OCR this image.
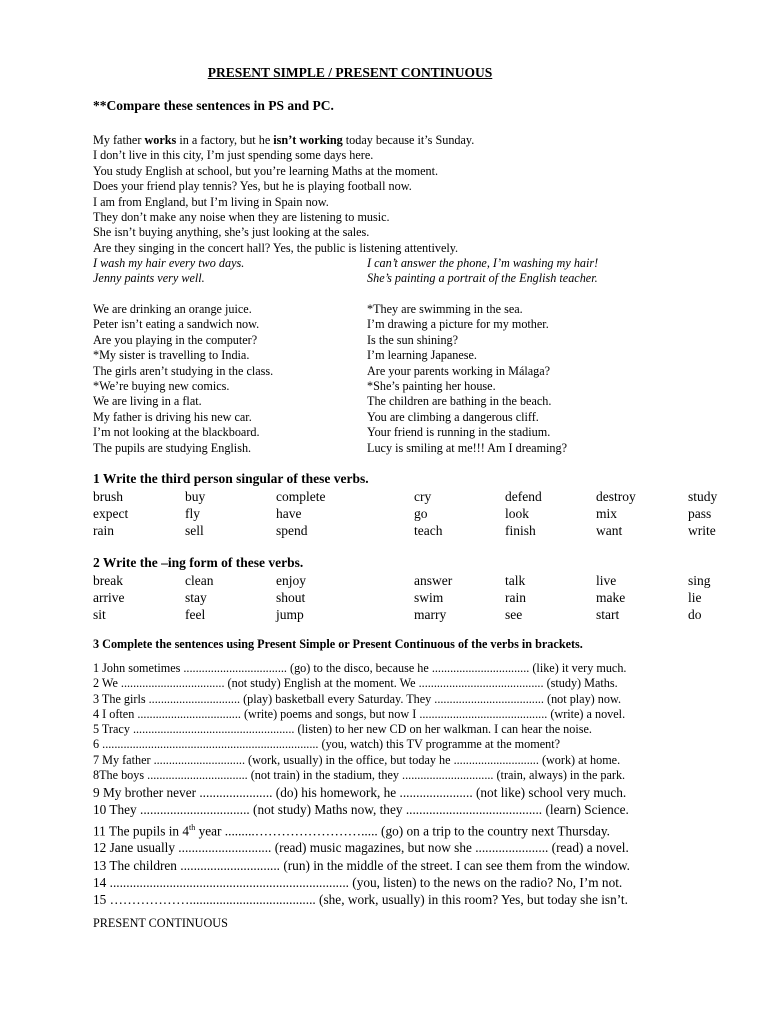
PRESENT SIMPLE / PRESENT CONTINUOUS
**Compare these sentences in PS and PC.
My father works in a factory, but he isn’t working today because it’s Sunday.
I don’t live in this city, I’m just spending some days here.
You study English at school, but you’re learning Maths at the moment.
Does your friend play tennis? Yes, but he is playing football now.
I am from England, but I’m living in Spain now.
They don’t make any noise when they are listening to music.
She isn’t buying anything, she’s just looking at the sales.
Are they singing in the concert hall? Yes, the public is listening attentively.
I wash my hair every two days.	I can’t answer the phone, I’m washing my hair!
Jenny paints very well.	She’s painting a portrait of the English teacher.
We are drinking an orange juice.	*They are swimming in the sea.
Peter isn’t eating a sandwich now.	I’m drawing a picture for my mother.
Are you playing in the computer?	Is the sun shining?
*My sister is travelling to India.	I’m learning Japanese.
The girls aren’t studying in the class.	Are your parents working in Málaga?
*We’re buying new comics.	*She’s painting her house.
We are living in a flat.	The children are bathing in the beach.
My father is driving his new car.	You are climbing a dangerous cliff.
I’m not looking at the blackboard.	Your friend is running in the stadium.
The pupils are studying English.	Lucy is smiling at me!!! Am I dreaming?
1 Write the third person singular of these verbs.
brush	buy	complete	cry	defend	destroy	study
expect	fly	have	go	look	mix	pass
rain	sell	spend	teach	finish	want	write
2 Write the –ing form of these verbs.
break	clean	enjoy	answer	talk	live	sing
arrive	stay	shout	swim	rain	make	lie
sit	feel	jump	marry	see	start	do
3 Complete the sentences using Present Simple or Present Continuous of the verbs in brackets.
1 John sometimes .................................. (go) to the disco, because he ................................ (like) it very much.
2 We .................................. (not study) English at the moment. We ......................................... (study) Maths.
3 The girls .............................. (play) basketball every Saturday. They .................................... (not play) now.
4 I often .................................. (write) poems and songs, but now I .......................................... (write) a novel.
5 Tracy ..................................................... (listen) to her new CD on her walkman. I can hear the noise.
6 ....................................................................... (you, watch) this TV programme at the moment?
7 My father .............................. (work, usually) in the office, but today he ............................ (work) at home.
8The boys ................................. (not train) in the stadium, they .............................. (train, always) in the park.
9 My brother never ...................... (do) his homework, he ...................... (not like) school very much.
10 They ................................. (not study) Maths now, they ......................................... (learn) Science.
11 The pupils in 4th year .........……………………..... (go) on a trip to the country next Thursday.
12 Jane usually ............................ (read) music magazines, but now she ...................... (read) a novel.
13 The children .............................. (run) in the middle of the street. I can see them from the window.
14 ........................................................................ (you, listen) to the news on the radio? No, I’m not.
15 ………………...................................... (she, work, usually) in this room? Yes, but today she isn’t.
PRESENT CONTINUOUS
